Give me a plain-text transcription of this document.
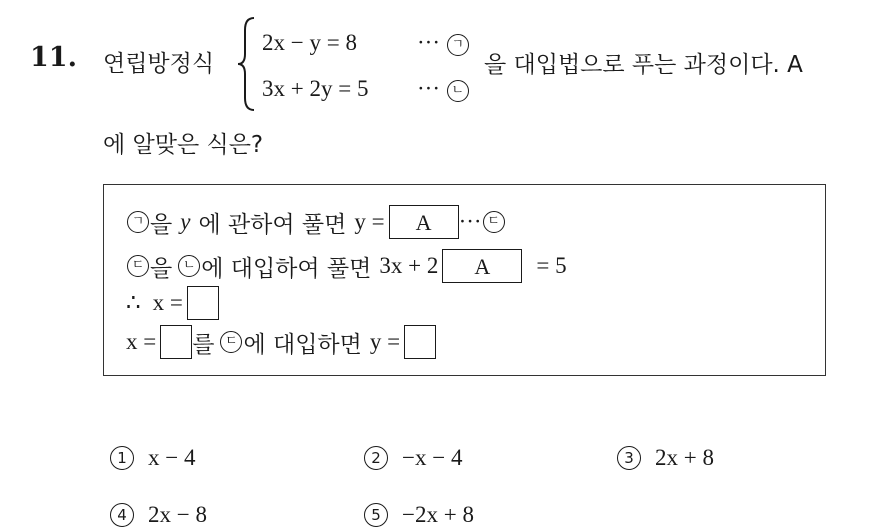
11. 연립방정식
2x − y = 8	··· ㄱ
3x + 2y = 5 ··· ㄴ
을 대입법으로 푸는 과정이다. A
에 알맞은 식은?
ㄱ 을 y 에 관하여 풀면 y =	A	··· ㄷ
ㄷ 을 ㄴ 에 대입하여 풀면 3x + 2	A	= 5
∴ x =
x = 를 ㄷ 에 대입하면 y =
1 x − 4	2 −x − 4	3 2x + 8
4 2x − 8	5 −2x + 8
